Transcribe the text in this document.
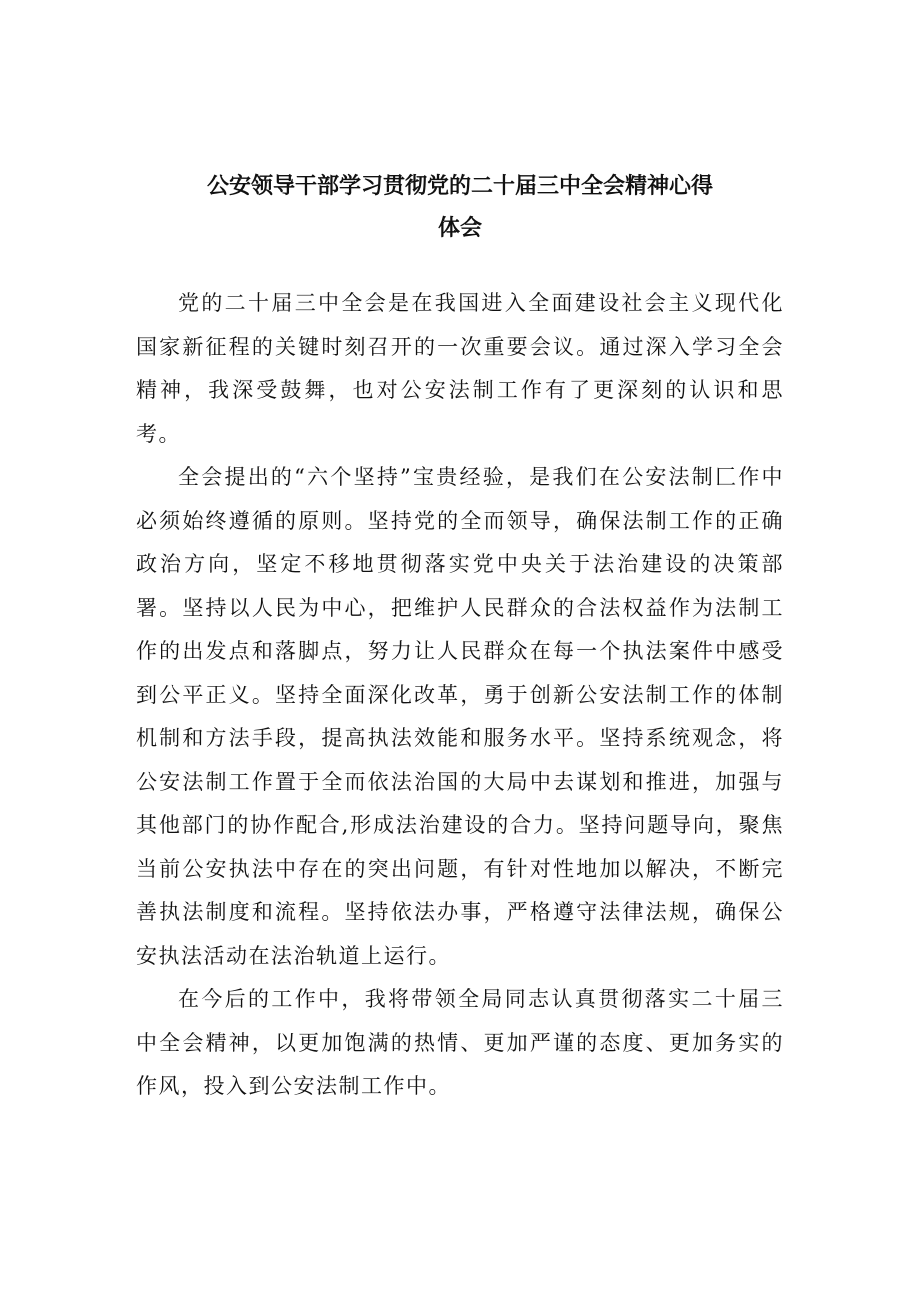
公安领导干部学习贯彻党的二十届三中全会精神心得
体会

党的二十届三中全会是在我国进入全面建设社会主义现代化国家新征程的关键时刻召开的一次重要会议。通过深入学习全会精神，我深受鼓舞，也对公安法制工作有了更深刻的认识和思考。

全会提出的“六个坚持”宝贵经验，是我们在公安法制匚作中必须始终遵循的原则。坚持党的全而领导，确保法制工作的正确政治方向，坚定不移地贯彻落实党中央关于法治建设的决策部署。坚持以人民为中心，把维护人民群众的合法权益作为法制工作的出发点和落脚点，努力让人民群众在每一个执法案件中感受到公平正义。坚持全面深化改革，勇于创新公安法制工作的体制机制和方法手段，提高执法效能和服务水平。坚持系统观念，将公安法制工作置于全而依法治国的大局中去谋划和推进，加强与其他部门的协作配合,形成法治建设的合力。坚持问题导向，聚焦当前公安执法中存在的突出问题，有针对性地加以解决，不断完善执法制度和流程。坚持依法办事，严格遵守法律法规，确保公安执法活动在法治轨道上运行。

在今后的工作中，我将带领全局同志认真贯彻落实二十届三中全会精神，以更加饱满的热情、更加严谨的态度、更加务实的作风，投入到公安法制工作中。
